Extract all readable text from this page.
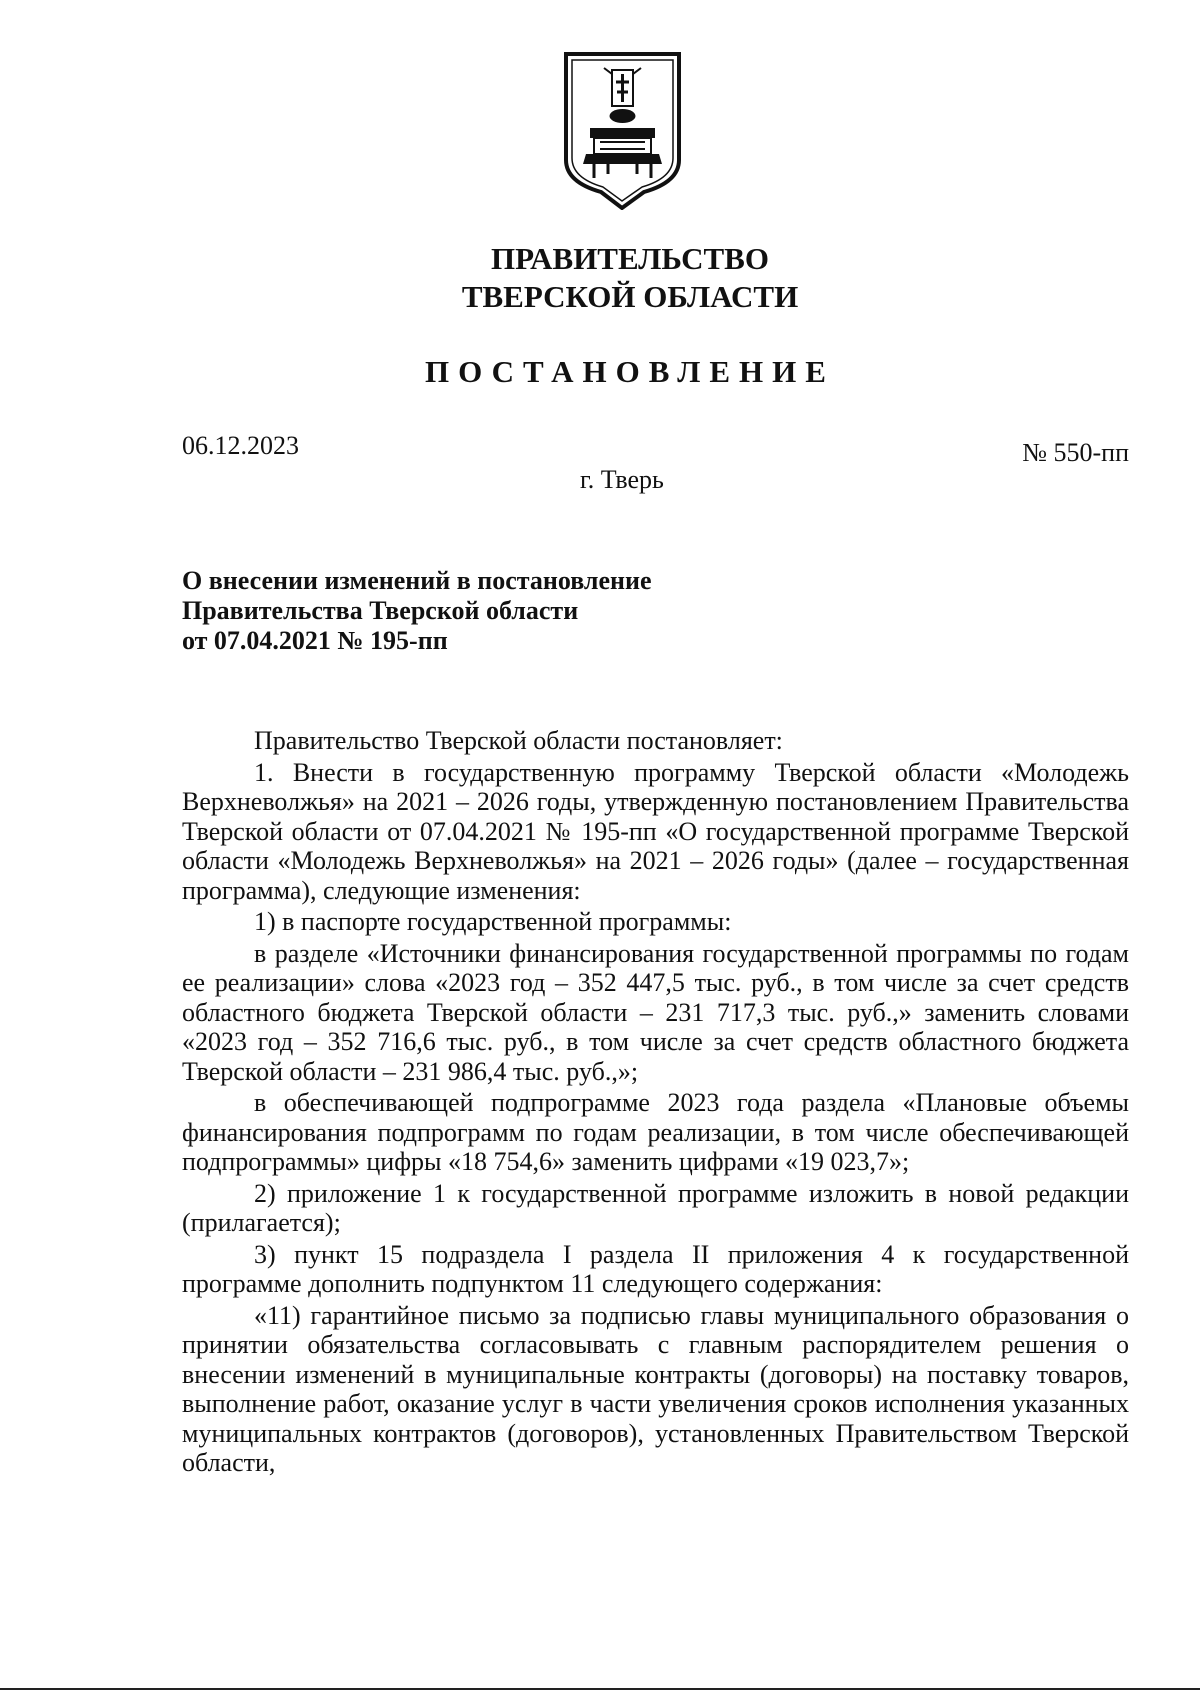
ПРАВИТЕЛЬСТВО
ТВЕРСКОЙ ОБЛАСТИ
ПОСТАНОВЛЕНИЕ
06.12.2023	№ 550-пп
г. Тверь
О внесении изменений в постановление
Правительства Тверской области
от 07.04.2021 № 195-пп

Правительство Тверской области постановляет:

1. Внести в государственную программу Тверской области «Молодежь Верхневолжья» на 2021 – 2026 годы, утвержденную постановлением Правительства Тверской области от 07.04.2021 № 195-пп «О государственной программе Тверской области «Молодежь Верхневолжья» на 2021 – 2026 годы» (далее – государственная программа), следующие изменения:

1) в паспорте государственной программы:

в разделе «Источники финансирования государственной программы по годам ее реализации» слова «2023 год – 352 447,5 тыс. руб., в том числе за счет средств областного бюджета Тверской области – 231 717,3 тыс. руб.,» заменить словами «2023 год – 352 716,6 тыс. руб., в том числе за счет средств областного бюджета Тверской области – 231 986,4 тыс. руб.,»;

в обеспечивающей подпрограмме 2023 года раздела «Плановые объемы финансирования подпрограмм по годам реализации, в том числе обеспечивающей подпрограммы» цифры «18 754,6» заменить цифрами «19 023,7»;

2) приложение 1 к государственной программе изложить в новой редакции (прилагается);

3) пункт 15 подраздела I раздела II приложения 4 к государственной программе дополнить подпунктом 11 следующего содержания:

«11) гарантийное письмо за подписью главы муниципального образования о принятии обязательства согласовывать с главным распорядителем решения о внесении изменений в муниципальные контракты (договоры) на поставку товаров, выполнение работ, оказание услуг в части увеличения сроков исполнения указанных муниципальных контрактов (договоров), установленных Правительством Тверской области,
